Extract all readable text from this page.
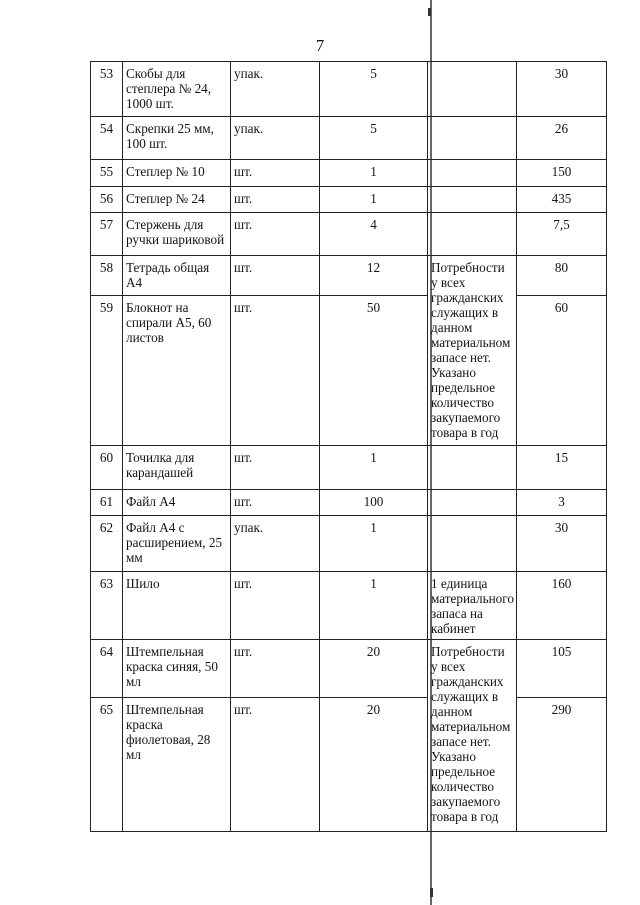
7
53	Скобы для степлера № 24, 1000 шт.	упак.	5		30
54	Скрепки 25 мм, 100 шт.	упак.	5		26
55	Степлер № 10	шт.	1		150
56	Степлер № 24	шт.	1		435
57	Стержень для ручки шариковой	шт.	4		7,5
58	Тетрадь общая А4	шт.	12	Потребности у всех гражданских служащих в данном материальном запасе нет. Указано предельное количество закупаемого товара в год	80
59	Блокнот на спирали А5, 60 листов	шт.	50		60
60	Точилка для карандашей	шт.	1		15
61	Файл А4	шт.	100		3
62	Файл А4 с расширением, 25 мм	упак.	1		30
63	Шило	шт.	1	1 единица материального запаса на кабинет	160
64	Штемпельная краска синяя, 50 мл	шт.	20	Потребности у всех гражданских служащих в данном материальном запасе нет. Указано предельное количество закупаемого товара в год	105
65	Штемпельная краска фиолетовая, 28 мл	шт.	20		290
